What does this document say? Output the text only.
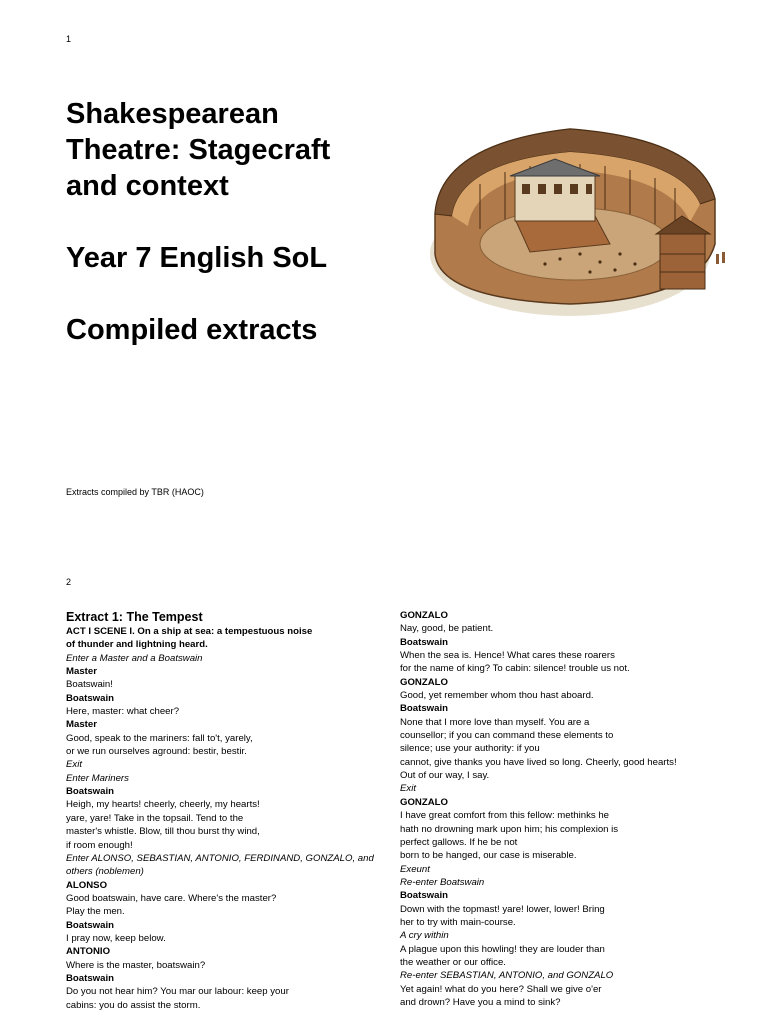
1
Shakespearean
Theatre: Stagecraft
and context
Year 7 English SoL
Compiled extracts
Extracts compiled by TBR (HAOC)
2
Extract 1: The Tempest
ACT I SCENE I. On a ship at sea: a tempestuous noise
of thunder and lightning heard.
Enter a Master and a Boatswain
Master
Boatswain!
Boatswain
Here, master: what cheer?
Master
Good, speak to the mariners: fall to't, yarely,
or we run ourselves aground: bestir, bestir.
Exit
Enter Mariners
Boatswain
Heigh, my hearts! cheerly, cheerly, my hearts!
yare, yare! Take in the topsail. Tend to the
master's whistle. Blow, till thou burst thy wind,
if room enough!
Enter ALONSO, SEBASTIAN, ANTONIO, FERDINAND, GONZALO, and
others (noblemen)
ALONSO
Good boatswain, have care. Where's the master?
Play the men.
Boatswain
I pray now, keep below.
ANTONIO
Where is the master, boatswain?
Boatswain
Do you not hear him? You mar our labour: keep your
cabins: you do assist the storm.
GONZALO
Nay, good, be patient.
Boatswain
When the sea is. Hence! What cares these roarers
for the name of king? To cabin: silence! trouble us not.
GONZALO
Good, yet remember whom thou hast aboard.
Boatswain
None that I more love than myself. You are a
counsellor; if you can command these elements to
silence; use your authority: if you
cannot, give thanks you have lived so long. Cheerly, good hearts!
Out of our way, I say.
Exit
GONZALO
I have great comfort from this fellow: methinks he
hath no drowning mark upon him; his complexion is
perfect gallows. If he be not
born to be hanged, our case is miserable.
Exeunt
Re-enter Boatswain
Boatswain
Down with the topmast! yare! lower, lower! Bring
her to try with main-course.
A cry within
A plague upon this howling! they are louder than
the weather or our office.
Re-enter SEBASTIAN, ANTONIO, and GONZALO
Yet again! what do you here? Shall we give o'er
and drown? Have you a mind to sink?
